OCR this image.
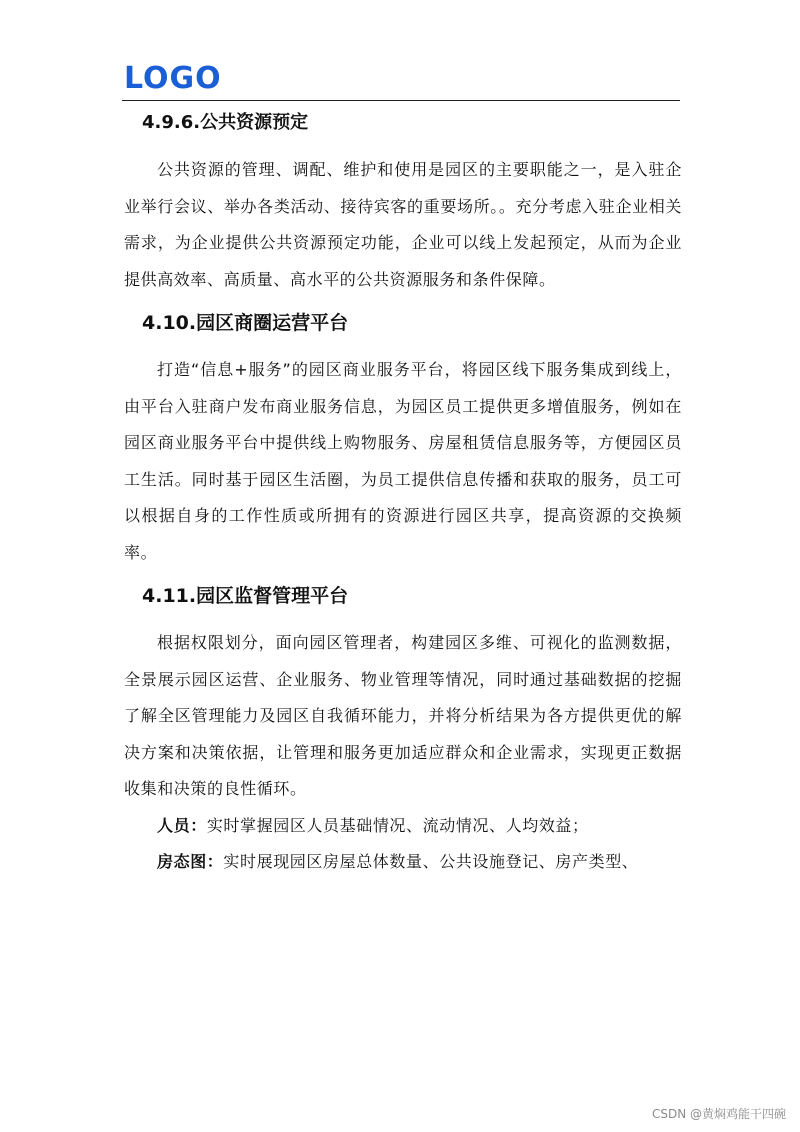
LOGO
4.9.6.公共资源预定

公共资源的管理、调配、维护和使用是园区的主要职能之一，是入驻企业举行会议、举办各类活动、接待宾客的重要场所。。充分考虑入驻企业相关需求，为企业提供公共资源预定功能，企业可以线上发起预定，从而为企业提供高效率、高质量、高水平的公共资源服务和条件保障。

4.10.园区商圈运营平台

打造“信息+服务”的园区商业服务平台，将园区线下服务集成到线上，由平台入驻商户发布商业服务信息，为园区员工提供更多增值服务，例如在园区商业服务平台中提供线上购物服务、房屋租赁信息服务等，方便园区员工生活。同时基于园区生活圈，为员工提供信息传播和获取的服务，员工可以根据自身的工作性质或所拥有的资源进行园区共享，提高资源的交换频率。

4.11.园区监督管理平台

根据权限划分，面向园区管理者，构建园区多维、可视化的监测数据，全景展示园区运营、企业服务、物业管理等情况，同时通过基础数据的挖掘了解全区管理能力及园区自我循环能力，并将分析结果为各方提供更优的解决方案和决策依据，让管理和服务更加适应群众和企业需求，实现更正数据收集和决策的良性循环。

人员：实时掌握园区人员基础情况、流动情况、人均效益；

房态图：实时展现园区房屋总体数量、公共设施登记、房产类型、

CSDN @黄焖鸡能干四碗
